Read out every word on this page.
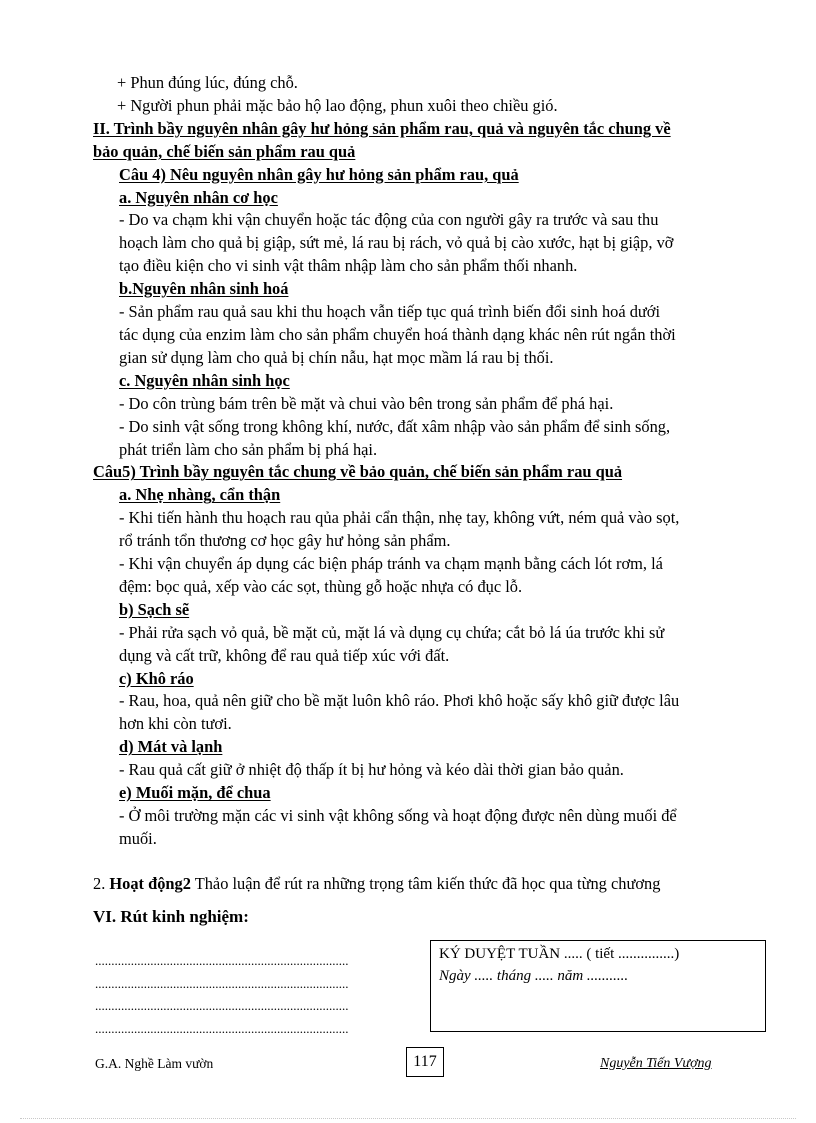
+ Phun đúng lúc, đúng chỗ.
+ Người phun phải mặc bảo hộ lao động, phun xuôi theo chiều gió.
II. Trình bầy nguyên nhân gây hư hỏng sản phẩm rau, quả và nguyên tắc chung về
bảo quản, chế biến sản phẩm rau quả
Câu 4) Nêu nguyên nhân gây hư hỏng sản phẩm rau, quả
a. Nguyên nhân cơ học
- Do va chạm khi vận chuyển hoặc tác động của con người gây ra trước và sau thu
hoạch làm cho quả bị giập, sứt mẻ, lá rau bị rách, vỏ quả bị cào xước, hạt bị giập, vỡ
tạo điều kiện cho vi sinh vật thâm nhập làm cho sản phẩm thối nhanh.
b.Nguyên nhân sinh hoá
- Sản phẩm rau quả sau khi thu hoạch vẫn tiếp tục quá trình biến đổi sinh hoá dưới
tác dụng của enzim làm cho sản phẩm chuyển hoá thành dạng khác nên rút ngắn thời
gian sử dụng làm cho quả bị chín nẫu, hạt mọc mầm lá rau bị thối.
c. Nguyên nhân sinh học
- Do côn trùng bám trên bề mặt và chui vào bên trong sản phẩm để phá hại.
- Do sinh vật sống trong không khí, nước, đất xâm nhập vào sản phẩm để sinh sống,
phát triển làm cho sản phẩm bị phá hại.
Câu5) Trình bầy nguyên tắc chung về bảo quản, chế biến sản phẩm rau quả
a. Nhẹ nhàng, cẩn thận
- Khi tiến hành thu hoạch rau qủa phải cẩn thận, nhẹ tay, không vứt, ném quả vào sọt,
rổ tránh tổn thương cơ học gây hư hỏng sản phẩm.
- Khi vận chuyển áp dụng các biện pháp tránh va chạm mạnh bằng cách lót rơm, lá
đệm: bọc quả, xếp vào các sọt, thùng gỗ hoặc nhựa có đục lỗ.
b) Sạch sẽ
- Phải rửa sạch vỏ quả, bề mặt củ, mặt lá và dụng cụ chứa; cắt bỏ lá úa trước khi sử
dụng và cất trữ, không để rau quả tiếp xúc với đất.
c) Khô ráo
- Rau, hoa, quả nên giữ cho bề mặt luôn khô ráo. Phơi khô hoặc sấy khô giữ được lâu
hơn khi còn tươi.
d) Mát và lạnh
- Rau quả cất giữ ở nhiệt độ thấp ít bị hư hỏng và kéo dài thời gian bảo quản.
e) Muối mặn, để chua
- Ở môi trường mặn các vi sinh vật không sống và hoạt động được nên dùng muối để
muối.
2. Hoạt động2 Thảo luận để rút ra những trọng tâm kiến thức đã học qua từng chương
VI. Rút kinh nghiệm:
..............................................................................
..............................................................................
..............................................................................
..............................................................................
KÝ DUYỆT TUẦN ..... ( tiết ...............)
Ngày ..... tháng ..... năm ...........
G.A. Nghề Làm vườn	117	Nguyễn Tiến Vượng
